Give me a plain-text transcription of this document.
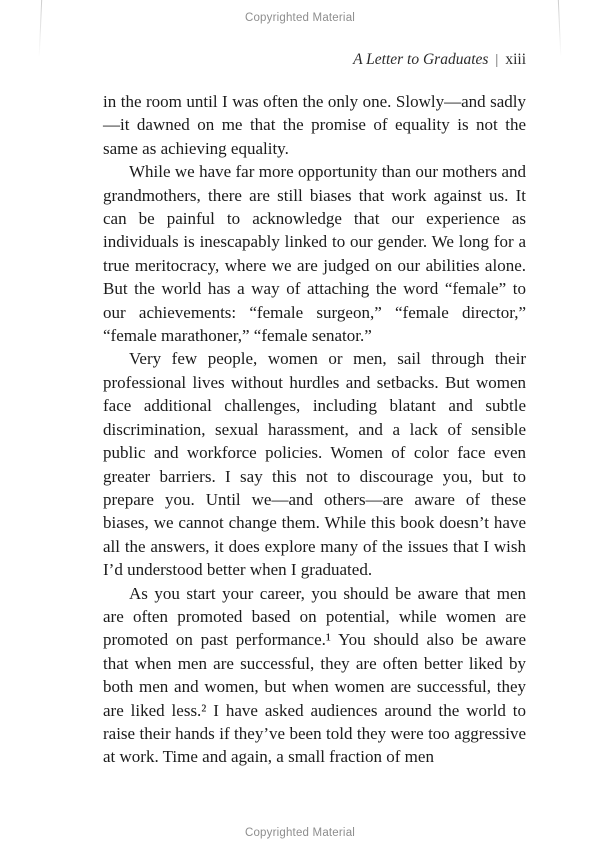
Copyrighted Material
A Letter to Graduates | xiii

in the room until I was often the only one. Slowly—and sadly—it dawned on me that the promise of equality is not the same as achieving equality.

While we have far more opportunity than our mothers and grandmothers, there are still biases that work against us. It can be painful to acknowledge that our experience as individuals is inescapably linked to our gender. We long for a true meritocracy, where we are judged on our abilities alone. But the world has a way of attaching the word “female” to our achievements: “female surgeon,” “female director,” “female marathoner,” “female senator.”

Very few people, women or men, sail through their professional lives without hurdles and setbacks. But women face additional challenges, including blatant and subtle discrimination, sexual harassment, and a lack of sensible public and workforce policies. Women of color face even greater barriers. I say this not to discourage you, but to prepare you. Until we—and others—are aware of these biases, we cannot change them. While this book doesn’t have all the answers, it does explore many of the issues that I wish I’d understood better when I graduated.

As you start your career, you should be aware that men are often promoted based on potential, while women are promoted on past performance.¹ You should also be aware that when men are successful, they are often better liked by both men and women, but when women are successful, they are liked less.² I have asked audiences around the world to raise their hands if they’ve been told they were too aggressive at work. Time and again, a small fraction of men

Copyrighted Material
